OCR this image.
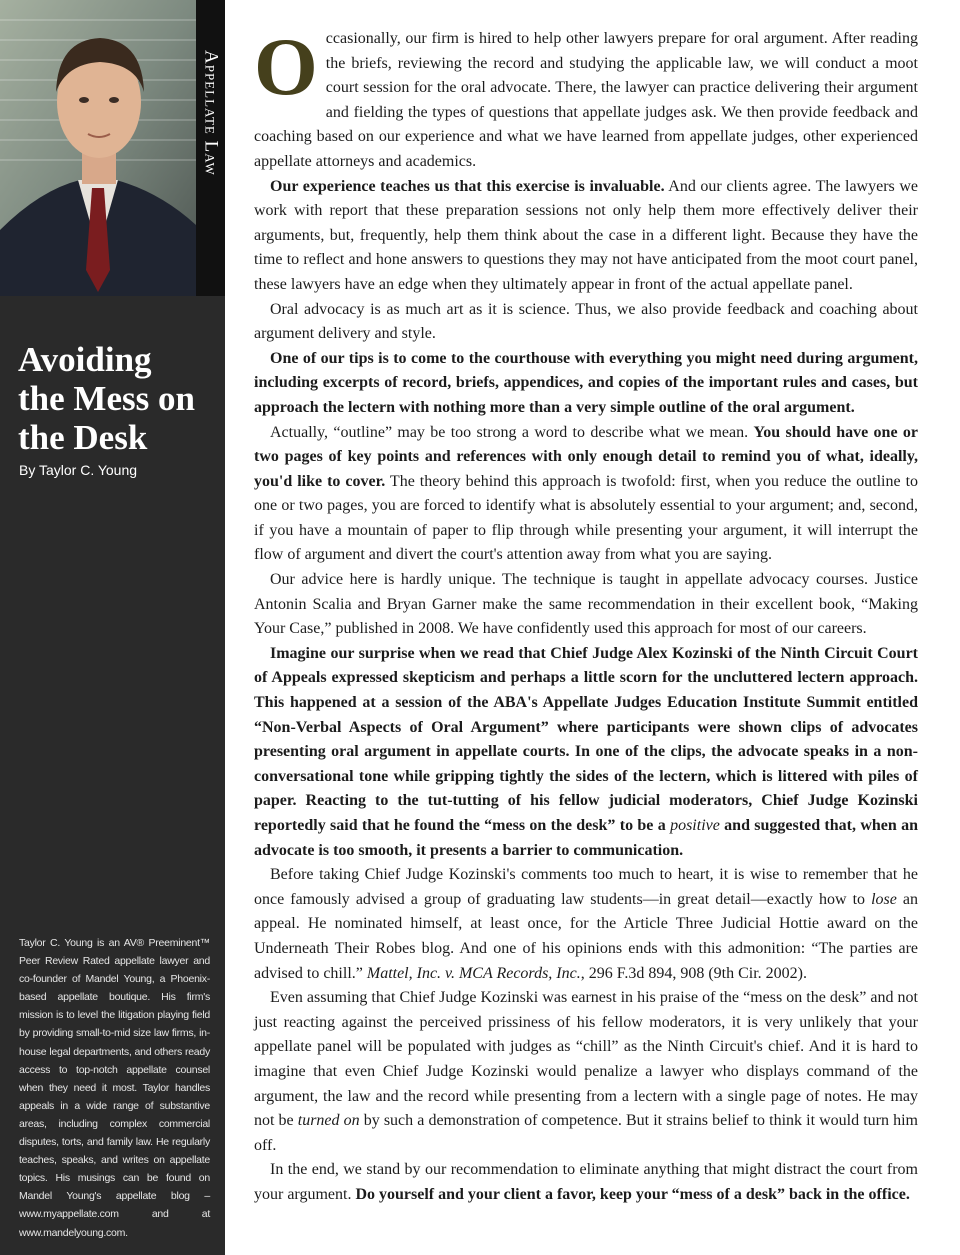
Appellate Law
Avoiding
the Mess on
the Desk
By Taylor C. Young
Taylor C. Young is an AV® Preeminent™ Peer Review Rated appellate lawyer and co-founder of Mandel Young, a Phoenix-based appellate boutique. His firm's mission is to level the litigation playing field by providing small-to-mid size law firms, in-house legal departments, and others ready access to top-notch appellate counsel when they need it most. Taylor handles appeals in a wide range of substantive areas, including complex commercial disputes, torts, and family law. He regularly teaches, speaks, and writes on appellate topics. His musings can be found on Mandel Young's appellate blog – www.myappellate.com and at www.mandelyoung.com.

Occasionally, our firm is hired to help other lawyers prepare for oral argument. After reading the briefs, reviewing the record and studying the applicable law, we will conduct a moot court session for the oral advocate. There, the lawyer can practice delivering their argument and fielding the types of questions that appellate judges ask. We then provide feedback and coaching based on our experience and what we have learned from appellate judges, other experienced appellate attorneys and academics.

Our experience teaches us that this exercise is invaluable. And our clients agree. The lawyers we work with report that these preparation sessions not only help them more effectively deliver their arguments, but, frequently, help them think about the case in a different light. Because they have the time to reflect and hone answers to questions they may not have anticipated from the moot court panel, these lawyers have an edge when they ultimately appear in front of the actual appellate panel.

Oral advocacy is as much art as it is science. Thus, we also provide feedback and coaching about argument delivery and style.

One of our tips is to come to the courthouse with everything you might need during argument, including excerpts of record, briefs, appendices, and copies of the important rules and cases, but approach the lectern with nothing more than a very simple outline of the oral argument.

Actually, “outline” may be too strong a word to describe what we mean. You should have one or two pages of key points and references with only enough detail to remind you of what, ideally, you'd like to cover. The theory behind this approach is twofold: first, when you reduce the outline to one or two pages, you are forced to identify what is absolutely essential to your argument; and, second, if you have a mountain of paper to flip through while presenting your argument, it will interrupt the flow of argument and divert the court's attention away from what you are saying.

Our advice here is hardly unique. The technique is taught in appellate advocacy courses. Justice Antonin Scalia and Bryan Garner make the same recommendation in their excellent book, “Making Your Case,” published in 2008. We have confidently used this approach for most of our careers.

Imagine our surprise when we read that Chief Judge Alex Kozinski of the Ninth Circuit Court of Appeals expressed skepticism and perhaps a little scorn for the uncluttered lectern approach. This happened at a session of the ABA's Appellate Judges Education Institute Summit entitled “Non-Verbal Aspects of Oral Argument” where participants were shown clips of advocates presenting oral argument in appellate courts. In one of the clips, the advocate speaks in a non-conversational tone while gripping tightly the sides of the lectern, which is littered with piles of paper. Reacting to the tut-tutting of his fellow judicial moderators, Chief Judge Kozinski reportedly said that he found the “mess on the desk” to be a positive and suggested that, when an advocate is too smooth, it presents a barrier to communication.

Before taking Chief Judge Kozinski's comments too much to heart, it is wise to remember that he once famously advised a group of graduating law students—in great detail—exactly how to lose an appeal. He nominated himself, at least once, for the Article Three Judicial Hottie award on the Underneath Their Robes blog. And one of his opinions ends with this admonition: “The parties are advised to chill.” Mattel, Inc. v. MCA Records, Inc., 296 F.3d 894, 908 (9th Cir. 2002).

Even assuming that Chief Judge Kozinski was earnest in his praise of the “mess on the desk” and not just reacting against the perceived prissiness of his fellow moderators, it is very unlikely that your appellate panel will be populated with judges as “chill” as the Ninth Circuit's chief. And it is hard to imagine that even Chief Judge Kozinski would penalize a lawyer who displays command of the argument, the law and the record while presenting from a lectern with a single page of notes. He may not be turned on by such a demonstration of competence. But it strains belief to think it would turn him off.

In the end, we stand by our recommendation to eliminate anything that might distract the court from your argument. Do yourself and your client a favor, keep your “mess of a desk” back in the office.
